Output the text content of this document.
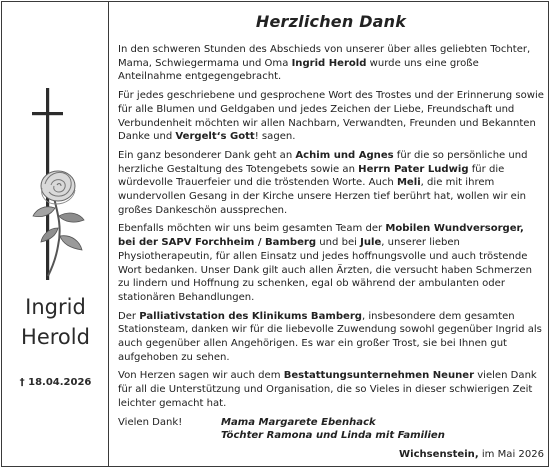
Ingrid
Herold
† 18.04.2026
Herzlichen Dank

In den schweren Stunden des Abschieds von unserer über alles geliebten Tochter, Mama, Schwiegermama und Oma Ingrid Herold wurde uns eine große Anteilnahme entgegengebracht.

Für jedes geschriebene und gesprochene Wort des Trostes und der Erinnerung sowie für alle Blumen und Geldgaben und jedes Zeichen der Liebe, Freundschaft und Verbundenheit möchten wir allen Nachbarn, Verwandten, Freunden und Bekannten Danke und Vergelt‘s Gott! sagen.

Ein ganz besonderer Dank geht an Achim und Agnes für die so persönliche und herzliche Gestaltung des Totengebets sowie an Herrn Pater Ludwig für die würdevolle Trauerfeier und die tröstenden Worte. Auch Meli, die mit ihrem wundervollen Gesang in der Kirche unsere Herzen tief berührt hat, wollen wir ein großes Dankeschön aussprechen.

Ebenfalls möchten wir uns beim gesamten Team der Mobilen Wundversorger, bei der SAPV Forchheim / Bamberg und bei Jule, unserer lieben Physiotherapeutin, für allen Einsatz und jedes hoffnungsvolle und auch tröstende Wort bedanken. Unser Dank gilt auch allen Ärzten, die versucht haben Schmerzen zu lindern und Hoffnung zu schenken, egal ob während der ambulanten oder stationären Behandlungen.

Der Palliativstation des Klinikums Bamberg, insbesondere dem gesamten Stationsteam, danken wir für die liebevolle Zuwendung sowohl gegenüber Ingrid als auch gegenüber allen Angehörigen. Es war ein großer Trost, sie bei Ihnen gut aufgehoben zu sehen.

Von Herzen sagen wir auch dem Bestattungsunternehmen Neuner vielen Dank für all die Unterstützung und Organisation, die so Vieles in dieser schwierigen Zeit leichter gemacht hat.

Vielen Dank!	Mama Margarete Ebenhack
Töchter Ramona und Linda mit Familien
Wichsenstein, im Mai 2026
